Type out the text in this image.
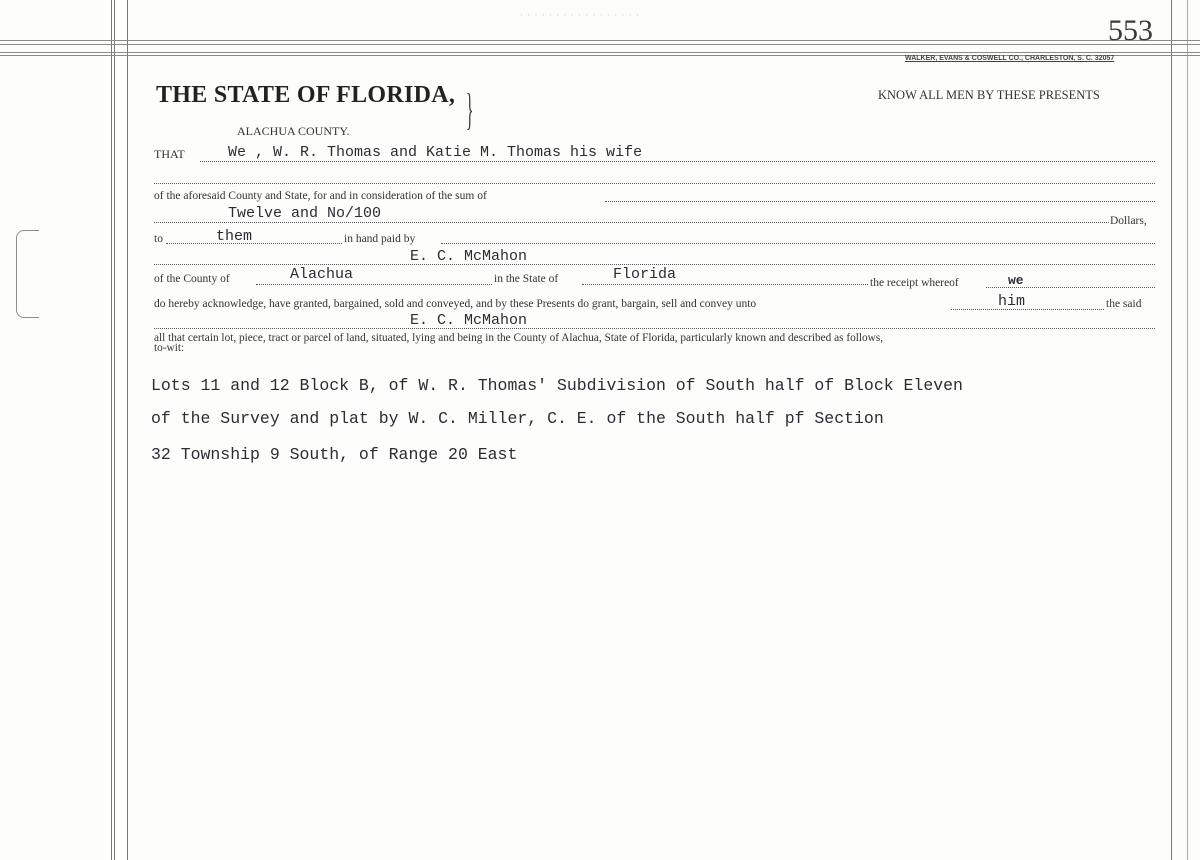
· · · · · · · · · · · · · · · · ·	553
WALKER, EVANS & COSWELL CO., CHARLESTON, S. C. 32057
THE STATE OF FLORIDA, }
ALACHUA COUNTY.
KNOW ALL MEN BY THESE PRESENTS
THAT	We , W. R. Thomas and Katie M. Thomas his wife
of the aforesaid County and State, for and in consideration of the sum of
Twelve and No/100	Dollars,
to	them	in hand paid by
E. C. McMahon
of the County of	Alachua	in the State of	Florida	the receipt whereof	we
do hereby acknowledge, have granted, bargained, sold and conveyed, and by these Presents do grant, bargain, sell and convey unto	him	the said
E. C. McMahon
all that certain lot, piece, tract or parcel of land, situated, lying and being in the County of Alachua, State of Florida, particularly known and described as follows,
to-wit:
Lots 11 and 12 Block B, of W. R. Thomas' Subdivision of South half of Block Eleven
of the Survey and plat by W. C. Miller, C. E. of the South half pf Section
32 Township 9 South, of Range 20 East
